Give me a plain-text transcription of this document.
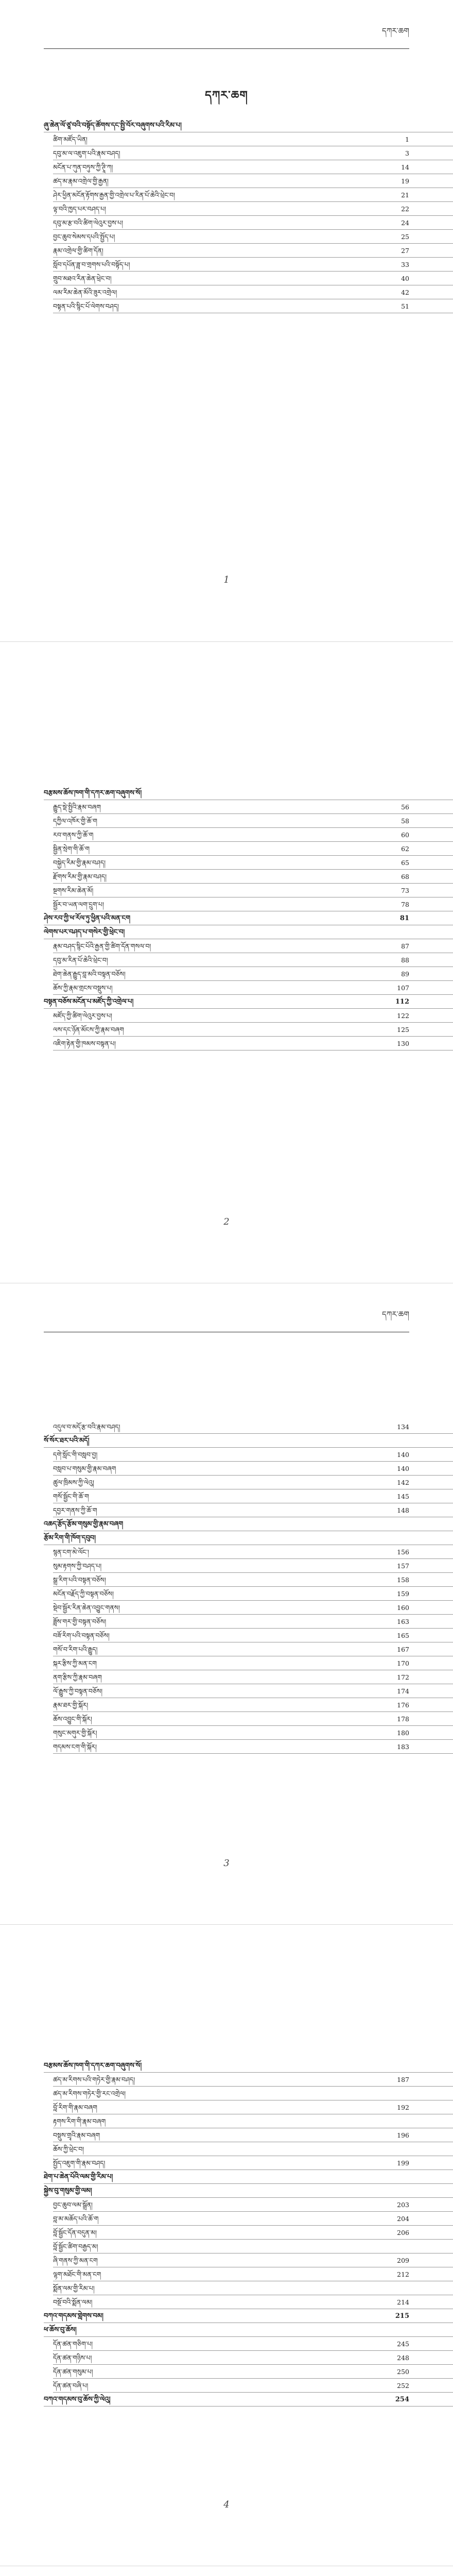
དཀར་ཆག
དཀར་ཆག
ཞུ་ཆེན་ལོ་ཙཱ་བའི་བསྟོད་ཚོགས་དང་སྤྱི་བོར་བཞུགས་པའི་རིམ་པ།
ཚིག་མཛོད་ཡིན།	1
དབུ་མ་ལ་འཇུག་པའི་རྣམ་བཤད།	3
མངོན་པ་ཀུན་བཏུས་ཀྱི་ཊཱི་ཀ།	14
ཚད་མ་རྣམ་འགྲེལ་གྱི་རྒྱན།	19
ཤེར་ཕྱིན་མངོན་རྟོགས་རྒྱན་གྱི་འགྲེལ་པ་རིན་པོ་ཆེའི་ཕྲེང་བ།	21
ལྟ་བའི་ཁྱད་པར་བཤད་པ།	22
དབུ་མ་རྩ་བའི་ཚིག་ལེའུར་བྱས་པ།	24
བྱང་ཆུབ་སེམས་དཔའི་སྤྱོད་པ།	25
རྣམ་འགྲེལ་གྱི་ཚིག་དོན།	27
སློབ་དཔོན་ཟླ་བ་གྲགས་པའི་བསྟོད་པ།	33
གྲུབ་མཐའ་རིན་ཆེན་ཕྲེང་བ།	40
ལམ་རིམ་ཆེན་མོའི་ཟུར་འགྲེལ།	42
བསྟན་པའི་སྙིང་པོ་ལེགས་བཤད།	51
1
བརྩམས་ཆོས་ཁག་གི་དཀར་ཆག་བཞུགས་སོ།
རྒྱུད་སྡེ་སྤྱིའི་རྣམ་བཞག	56
དཀྱིལ་འཁོར་གྱི་ཆོ་ག	58
རབ་གནས་ཀྱི་ཆོ་ག	60
སྦྱིན་སྲེག་གི་ཆོ་ག	62
བསྐྱེད་རིམ་གྱི་རྣམ་བཤད།	65
རྫོགས་རིམ་གྱི་རྣམ་བཤད།	68
སྔགས་རིམ་ཆེན་མོ།	73
སྦྱོར་བ་ཡན་ལག་དྲུག་པ།	78
ཤེས་རབ་ཀྱི་ཕ་རོལ་ཏུ་ཕྱིན་པའི་མན་ངག	81
ལེགས་པར་བཤད་པ་གསེར་གྱི་ཕྲེང་བ།
རྣམ་བཤད་སྙིང་པོའི་རྒྱན་གྱི་ཚིག་དོན་གསལ་བ།	87
དབུ་མ་རིན་པོ་ཆེའི་ཕྲེང་བ།	88
ཐེག་ཆེན་རྒྱུད་བླ་མའི་བསྟན་བཅོས།	89
ཆོས་ཀྱི་རྣམ་གྲངས་བསྡུས་པ།	107
བསྟན་བཅོས་མངོན་པ་མཛོད་ཀྱི་འགྲེལ་པ།	112
མཛོད་ཀྱི་ཚིག་ལེའུར་བྱས་པ།	122
ལས་དང་ཉོན་མོངས་ཀྱི་རྣམ་བཞག	125
འཇིག་རྟེན་གྱི་ཁམས་བསྟན་པ།	130
2
དཀར་ཆག
འདུལ་བ་མདོ་རྩ་བའི་རྣམ་བཤད།	134
སོ་སོར་ཐར་པའི་མདོ།
དགེ་སློང་གི་བསླབ་བྱ།	140
བསླབ་པ་གསུམ་གྱི་རྣམ་བཞག	140
ཚུལ་ཁྲིམས་ཀྱི་ལེའུ།	142
གསོ་སྦྱོང་གི་ཆོ་ག	145
དབྱར་གནས་ཀྱི་ཆོ་ག	148
འཆད་རྩོད་རྩོམ་གསུམ་གྱི་རྣམ་བཞག
རྩོམ་རིག་གི་ཁོག་དབུབ།
སྙན་ངག་མེ་ལོང་།	156
སུམ་རྟགས་ཀྱི་བཤད་པ།	157
སྒྲ་རིག་པའི་བསྟན་བཅོས།	158
མངོན་བརྗོད་ཀྱི་བསྟན་བཅོས།	159
སྡེབ་སྦྱོར་རིན་ཆེན་འབྱུང་གནས།	160
ཟློས་གར་གྱི་བསྟན་བཅོས།	163
བཟོ་རིག་པའི་བསྟན་བཅོས།	165
གསོ་བ་རིག་པའི་རྒྱུད།	167
སྐར་རྩིས་ཀྱི་མན་ངག	170
ནག་རྩིས་ཀྱི་རྣམ་བཞག	172
ལོ་རྒྱུས་ཀྱི་བསྟན་བཅོས།	174
རྣམ་ཐར་གྱི་སྐོར།	176
ཆོས་འབྱུང་གི་སྐོར།	178
གསུང་མགུར་གྱི་སྐོར།	180
གདམས་ངག་གི་སྐོར།	183
3
བརྩམས་ཆོས་ཁག་གི་དཀར་ཆག་བཞུགས་སོ།
ཚད་མ་རིགས་པའི་གཏེར་གྱི་རྣམ་བཤད།	187
ཚད་མ་རིགས་གཏེར་གྱི་རང་འགྲེལ།
བློ་རིག་གི་རྣམ་བཞག	192
རྟགས་རིག་གི་རྣམ་བཞག
བསྡུས་གྲྭའི་རྣམ་བཞག	196
ཆོས་ཀྱི་ཕྲེང་བ།
སྤྱོད་འཇུག་གི་རྣམ་བཤད།	199
ཐེག་པ་ཆེན་པོའི་ལམ་གྱི་རིམ་པ།
སྐྱེས་བུ་གསུམ་གྱི་ལམ།
བྱང་ཆུབ་ལམ་སྒྲོན།	203
བླ་མ་མཆོད་པའི་ཆོ་ག	204
བློ་སྦྱོང་དོན་བདུན་མ།	206
བློ་སྦྱོང་ཚིག་བརྒྱད་མ།
ཞི་གནས་ཀྱི་མན་ངག	209
ལྷག་མཐོང་གི་མན་ངག	212
སྨོན་ལམ་གྱི་རིམ་པ།
བསྔོ་བའི་སྨོན་ལམ།	214
བཀའ་གདམས་གླེགས་བམ།	215
ཕ་ཆོས་བུ་ཆོས།
དོན་ཚན་གཅིག་པ།	245
དོན་ཚན་གཉིས་པ།	248
དོན་ཚན་གསུམ་པ།	250
དོན་ཚན་བཞི་པ།	252
བཀའ་གདམས་བུ་ཆོས་ཀྱི་ལེའུ།	254
4
